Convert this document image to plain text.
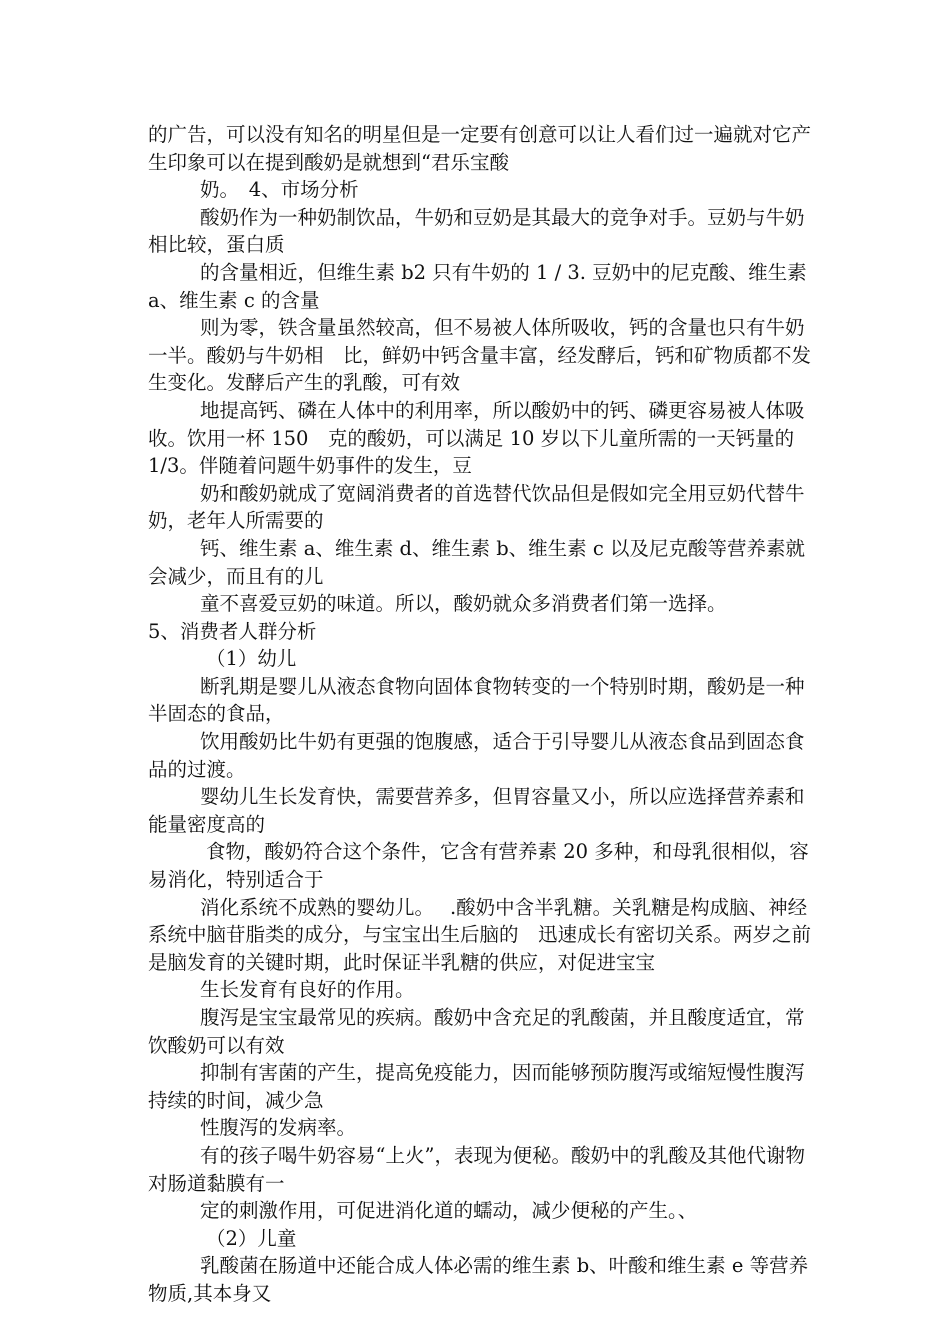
的广告，可以没有知名的明星但是一定要有创意可以让人看们过一遍就对它产生印象可以在提到酸奶是就想到“君乐宝酸

奶。　4、市场分析

酸奶作为一种奶制饮品，牛奶和豆奶是其最大的竞争对手。豆奶与牛奶相比较，蛋白质

的含量相近，但维生素 b2 只有牛奶的 1 / 3. 豆奶中的尼克酸、维生素 a、维生素 c 的含量

则为零，铁含量虽然较高，但不易被人体所吸收，钙的含量也只有牛奶一半。酸奶与牛奶相　比，鲜奶中钙含量丰富，经发酵后，钙和矿物质都不发生变化。发酵后产生的乳酸，可有效

地提高钙、磷在人体中的利用率，所以酸奶中的钙、磷更容易被人体吸收。饮用一杯 150　克的酸奶，可以满足 10 岁以下儿童所需的一天钙量的 1/3。伴随着问题牛奶事件的发生，豆

奶和酸奶就成了宽阔消费者的首选替代饮品但是假如完全用豆奶代替牛奶，老年人所需要的

钙、维生素 a、维生素 d、维生素 b、维生素 c 以及尼克酸等营养素就会减少，而且有的儿

童不喜爱豆奶的味道。所以，酸奶就众多消费者们第一选择。

5、消费者人群分析

（1）幼儿

断乳期是婴儿从液态食物向固体食物转变的一个特别时期，酸奶是一种半固态的食品，

饮用酸奶比牛奶有更强的饱腹感，适合于引导婴儿从液态食品到固态食品的过渡。

婴幼儿生长发育快，需要营养多，但胃容量又小，所以应选择营养素和能量密度高的

食物，酸奶符合这个条件，它含有营养素 20 多种，和母乳很相似，容易消化，特别适合于

消化系统不成熟的婴幼儿。　 .酸奶中含半乳糖。关乳糖是构成脑、神经系统中脑苷脂类的成分，与宝宝出生后脑的　迅速成长有密切关系。两岁之前是脑发育的关键时期，此时保证半乳糖的供应，对促进宝宝

生长发育有良好的作用。

腹泻是宝宝最常见的疾病。酸奶中含充足的乳酸菌，并且酸度适宜，常饮酸奶可以有效

抑制有害菌的产生，提高免疫能力，因而能够预防腹泻或缩短慢性腹泻持续的时间，减少急

性腹泻的发病率。

有的孩子喝牛奶容易“上火”，表现为便秘。酸奶中的乳酸及其他代谢物对肠道黏膜有一

定的刺激作用，可促进消化道的蠕动，减少便秘的产生。、

（2）儿童

乳酸菌在肠道中还能合成人体必需的维生素 b、叶酸和维生素 e 等营养物质,其本身又
